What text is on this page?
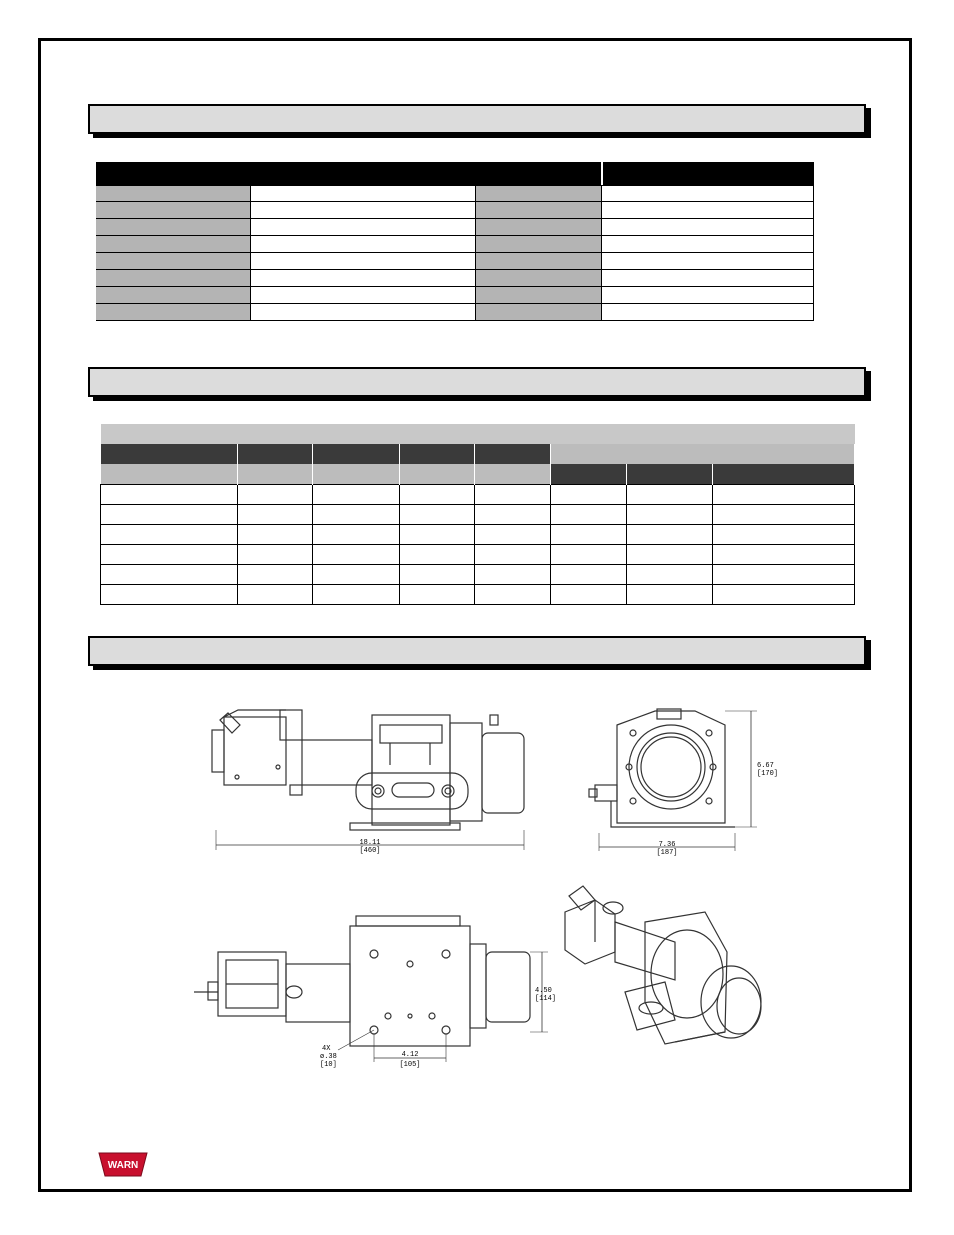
18.11
[460]
7.36
[187]
6.67
[170]
4.12
[105]
4.50
[114]
4X
ø.38
[10]
WARN
